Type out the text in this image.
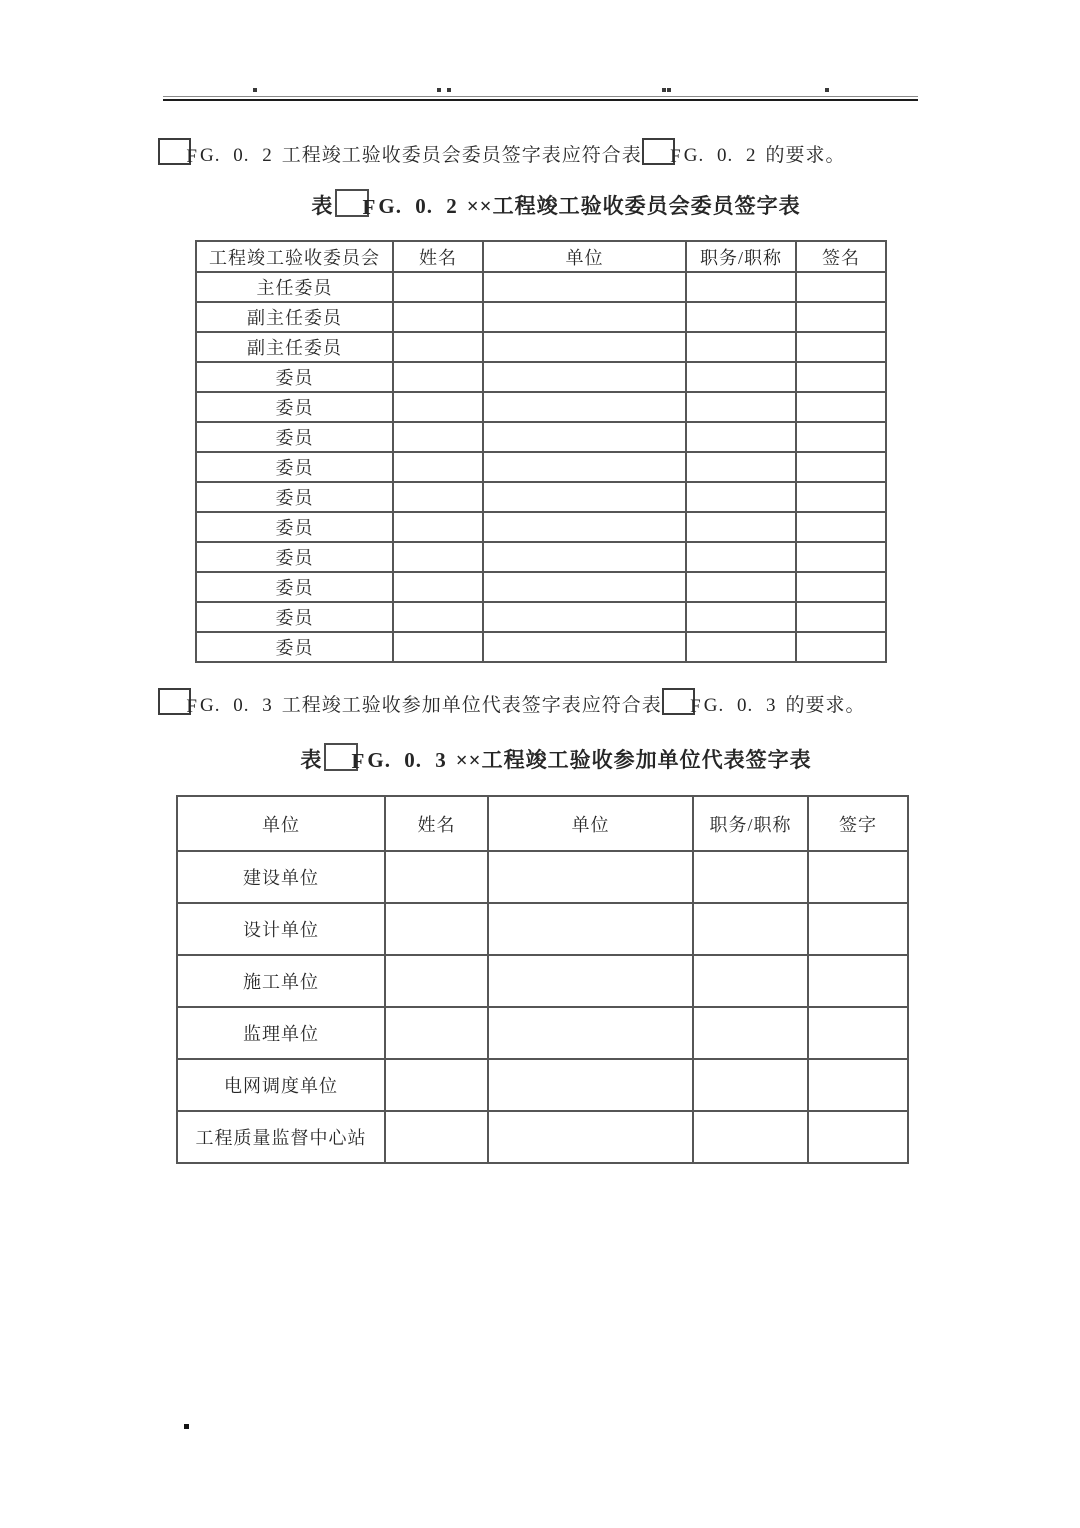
F G. 0. 2 工程竣工验收委员会委员签字表应符合表 F G. 0. 2 的要求。

表 F G. 0. 2 ××工程竣工验收委员会委员签字表
工程竣工验收委员会	姓名	单位	职务/职称	签名
主任委员				
副主任委员				
副主任委员				
委员				
委员				
委员				
委员				
委员				
委员				
委员				
委员				
委员				
委员				

F G. 0. 3 工程竣工验收参加单位代表签字表应符合表 F G. 0. 3 的要求。

表 F G. 0. 3 ××工程竣工验收参加单位代表签字表
单位	姓名	单位	职务/职称	签字
建设单位				
设计单位				
施工单位				
监理单位				
电网调度单位				
工程质量监督中心站				
